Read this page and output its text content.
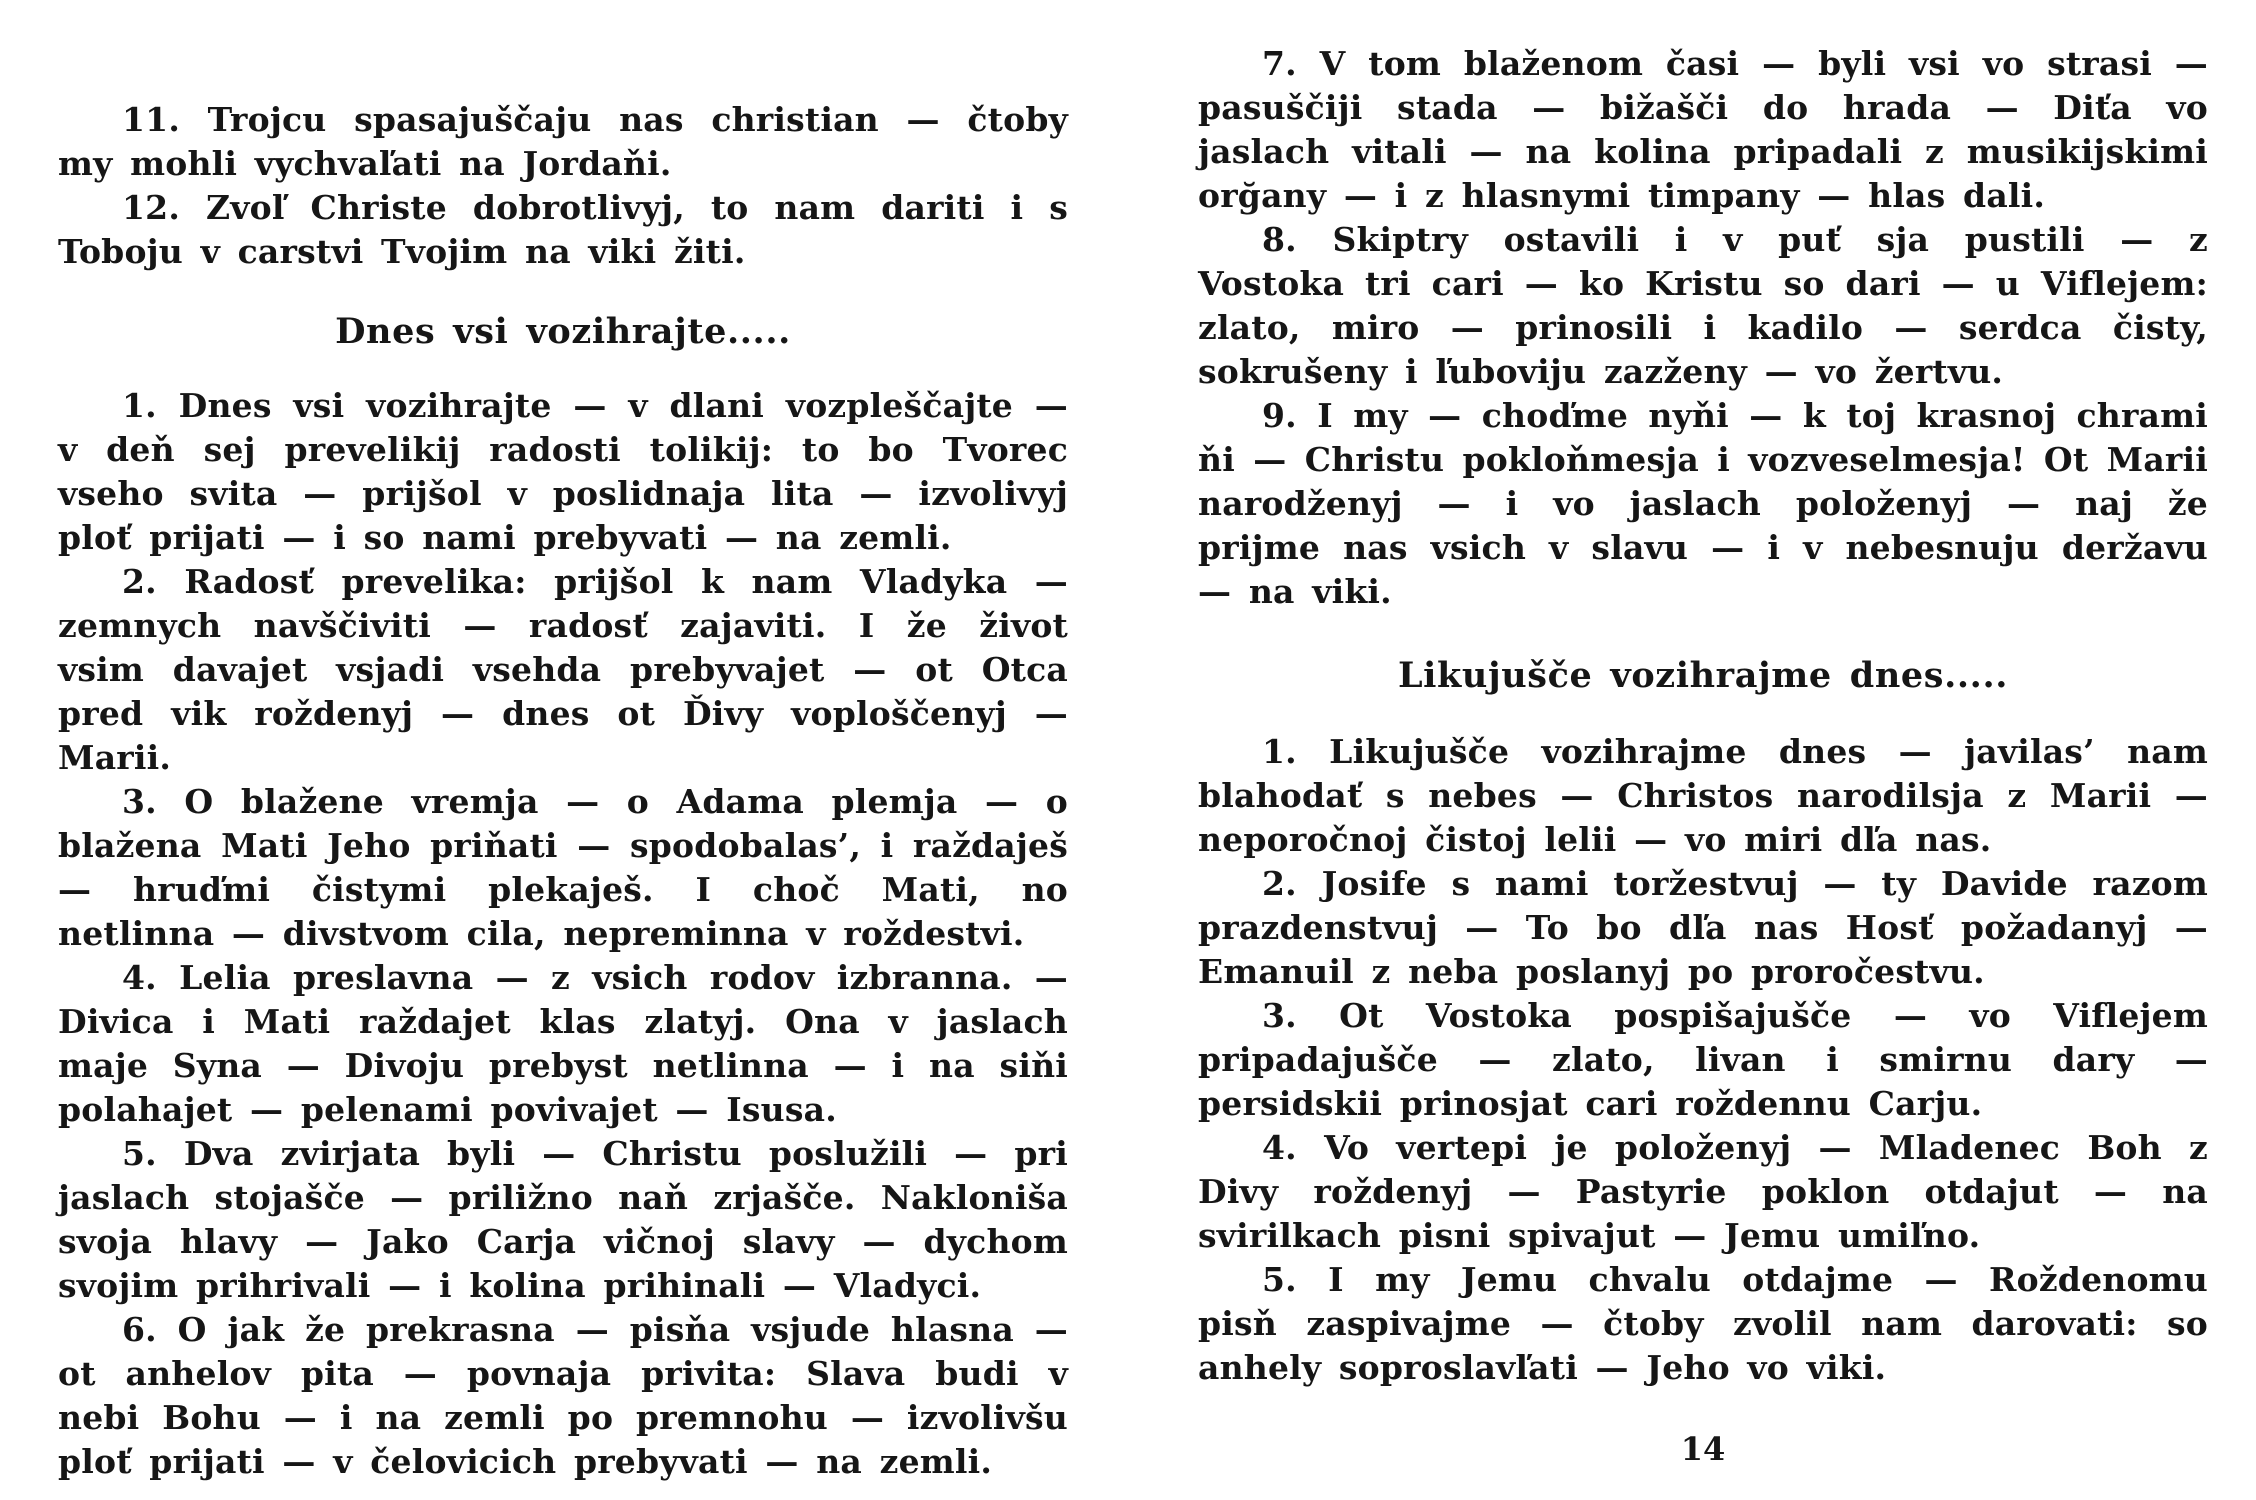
11. Trojcu spasajuščaju nas christian — čtoby my mohli vychvaľati na Jordaňi.

12. Zvoľ Christe dobrotlivyj, to nam dariti i s Toboju v carstvi Tvojim na viki žiti.

Dnes vsi vozihrajte.....

1. Dnes vsi vozihrajte — v dlani vozpleščajte — v deň sej prevelikij radosti tolikij: to bo Tvorec vseho svita — prijšol v poslidnaja lita — izvolivyj ploť prijati — i so nami prebyvati — na zemli.

2. Radosť prevelika: prijšol k nam Vladyka — zemnych navščiviti — radosť zajaviti. I že život vsim davajet vsjadi vsehda prebyvajet — ot Otca pred vik roždenyj — dnes ot Ďivy voploščenyj — Marii.

3. O blažene vremja — o Adama plemja — o blažena Mati Jeho priňati — spodobalas’, i raždaješ — hruďmi čistymi plekaješ. I choč Mati, no netlinna — divstvom cila, nepreminna v roždestvi.

4. Lelia preslavna — z vsich rodov izbranna. — Divica i Mati raždajet klas zlatyj. Ona v jaslach maje Syna — Divoju prebyst netlinna — i na siňi polahajet — pelenami povivajet — Isusa.

5. Dva zvirjata byli — Christu poslužili — pri jaslach stojašče — priližno naň zrjašče. Nakloniša svoja hlavy — Jako Carja vičnoj slavy — dychom svojim prihrivali — i kolina prihinali — Vladyci.

6. O jak že prekrasna — pisňa vsjude hlasna — ot anhelov pita — povnaja privita: Slava budi v nebi Bohu — i na zemli po premnohu — izvolivšu ploť prijati — v čelovicich prebyvati — na zemli.

7. V tom blaženom časi — byli vsi vo strasi — pasuščiji stada — bižašči do hrada — Diťa vo jaslach vitali — na kolina pripadali z musikijskimi orğany — i z hlasnymi timpany — hlas dali.

8. Skiptry ostavili i v puť sja pustili — z Vostoka tri cari — ko Kristu so dari — u Viflejem: zlato, miro — prinosili i kadilo — serdca čisty, sokrušeny i ľuboviju zazženy — vo žertvu.

9. I my — choďme nyňi — k toj krasnoj chrami ňi — Christu pokloňmesja i vozveselmesja! Ot Marii narodženyj — i vo jaslach položenyj — naj že prijme nas vsich v slavu — i v nebesnuju deržavu — na viki.

Likujušče vozihrajme dnes.....

1. Likujušče vozihrajme dnes — javilas’ nam blahodať s nebes — Christos narodilsja z Marii — neporočnoj čistoj lelii — vo miri dľa nas.

2. Josife s nami toržestvuj — ty Davide razom prazdenstvuj — To bo dľa nas Hosť požadanyj — Emanuil z neba poslanyj po proročestvu.

3. Ot Vostoka pospišajušče — vo Viflejem pripadajušče — zlato, livan i smirnu dary — persidskii prinosjat cari roždennu Carju.

4. Vo vertepi je položenyj — Mladenec Boh z Divy roždenyj — Pastyrie poklon otdajut — na svirilkach pisni spivajut — Jemu umiľno.

5. I my Jemu chvalu otdajme — Roždenomu pisň zaspivajme — čtoby zvolil nam darovati: so anhely soproslavľati — Jeho vo viki.

14
